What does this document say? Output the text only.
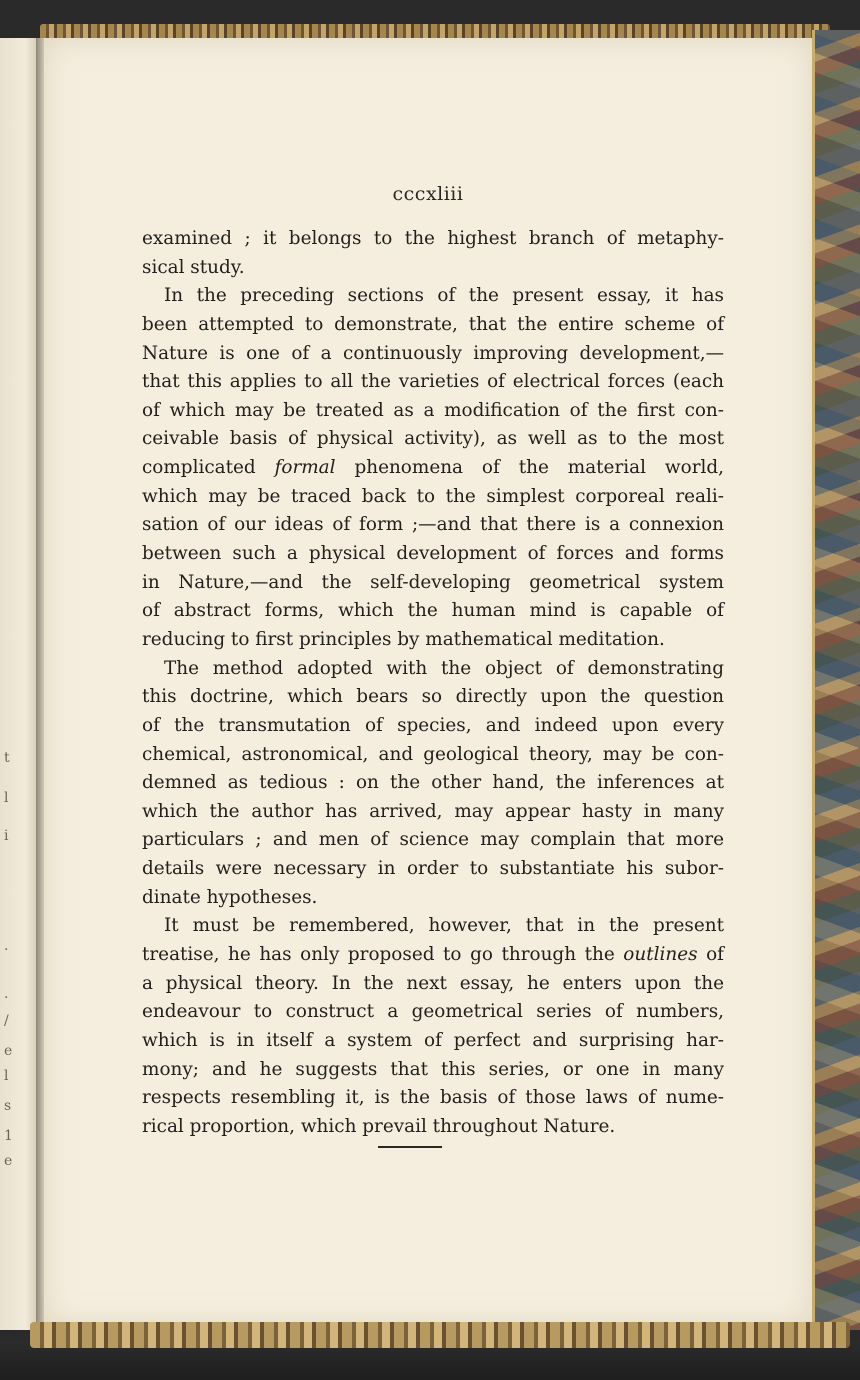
t
l
i
.
.
/
e
l
s
1
e
cccxliii
examined ; it belongs to the highest branch of metaphy-
sical study.
In the preceding sections of the present essay, it has
been attempted to demonstrate, that the entire scheme of
Nature is one of a continuously improving development,—
that this applies to all the varieties of electrical forces (each
of which may be treated as a modification of the first con-
ceivable basis of physical activity), as well as to the most
complicated formal phenomena of the material world,
which may be traced back to the simplest corporeal reali-
sation of our ideas of form ;—and that there is a connexion
between such a physical development of forces and forms
in Nature,—and the self-developing geometrical system
of abstract forms, which the human mind is capable of
reducing to first principles by mathematical meditation.
The method adopted with the object of demonstrating
this doctrine, which bears so directly upon the question
of the transmutation of species, and indeed upon every
chemical, astronomical, and geological theory, may be con-
demned as tedious : on the other hand, the inferences at
which the author has arrived, may appear hasty in many
particulars ; and men of science may complain that more
details were necessary in order to substantiate his subor-
dinate hypotheses.
It must be remembered, however, that in the present
treatise, he has only proposed to go through the outlines of
a physical theory. In the next essay, he enters upon the
endeavour to construct a geometrical series of numbers,
which is in itself a system of perfect and surprising har-
mony; and he suggests that this series, or one in many
respects resembling it, is the basis of those laws of nume-
rical proportion, which prevail throughout Nature.
